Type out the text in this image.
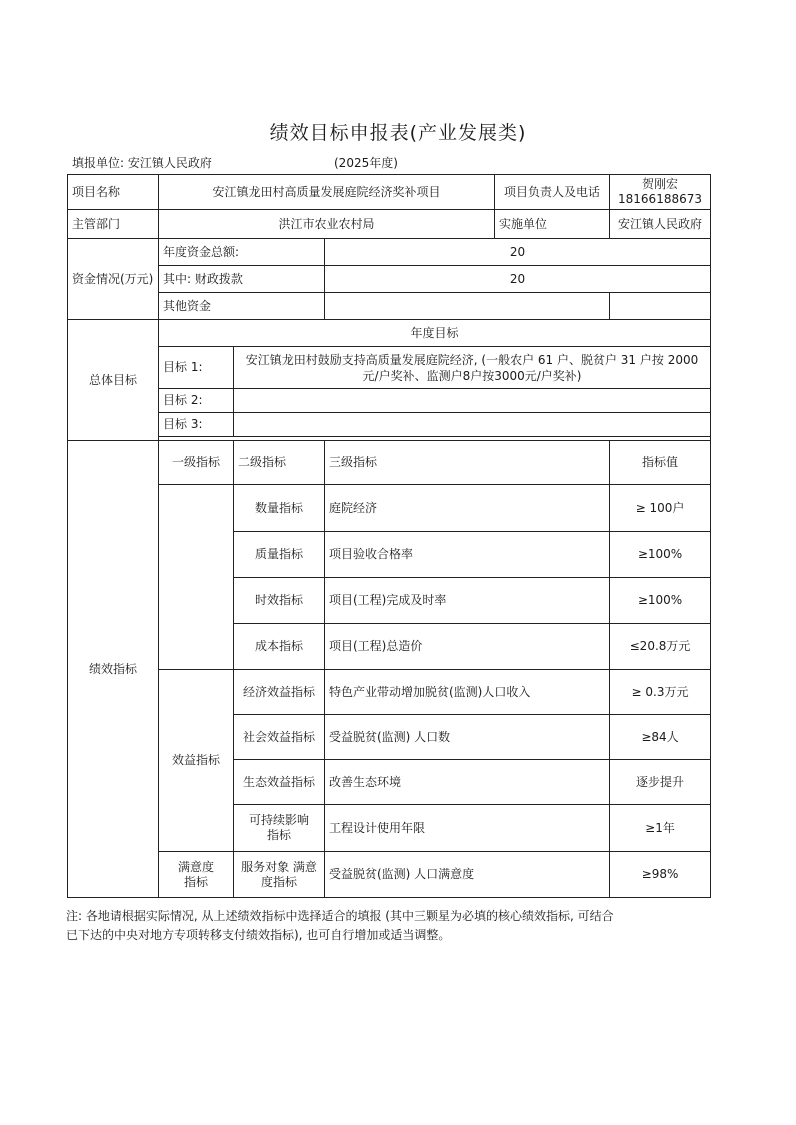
绩效目标申报表(产业发展类)
填报单位: 安江镇人民政府	(2025年度)
项目名称	安江镇龙田村高质量发展庭院经济奖补项目			项目负责人及电话	贺刚宏
18166188673

主管部门	洪江市农业农村局			实施单位	安江镇人民政府
资金情况(万元)	年度资金总额:		20		
	其中: 财政拨款		20		
	其他资金				
总体目标	年度目标				
	目标 1:	安江镇龙田村鼓励支持高质量发展庭院经济, (一般农户 61 户、脱贫户 31 户按 2000 元/户奖补、监测户8户按3000元/户奖补)			
	目标 2:				
	目标 3:				

绩效指标	一级指标	二级指标	三级指标		指标值
		数量指标	庭院经济		≥ 100户
		质量指标	项目验收合格率		≥100%
		时效指标	项目(工程)完成及时率		≥100%
		成本指标	项目(工程)总造价		≤20.8万元
	效益指标	经济效益指标	特色产业带动增加脱贫(监测)人口收入		≥ 0.3万元
		社会效益指标	受益脱贫(监测) 人口数		≥84人
		生态效益指标	改善生态环境		逐步提升
		可持续影响指标	工程设计使用年限		≥1年
	满意度指标	服务对象 满意度指标	受益脱贫(监测) 人口满意度		≥98%
注: 各地请根据实际情况, 从上述绩效指标中选择适合的填报 (其中三颗星为必填的核心绩效指标, 可结合
已下达的中央对地方专项转移支付绩效指标), 也可自行增加或适当调整。
